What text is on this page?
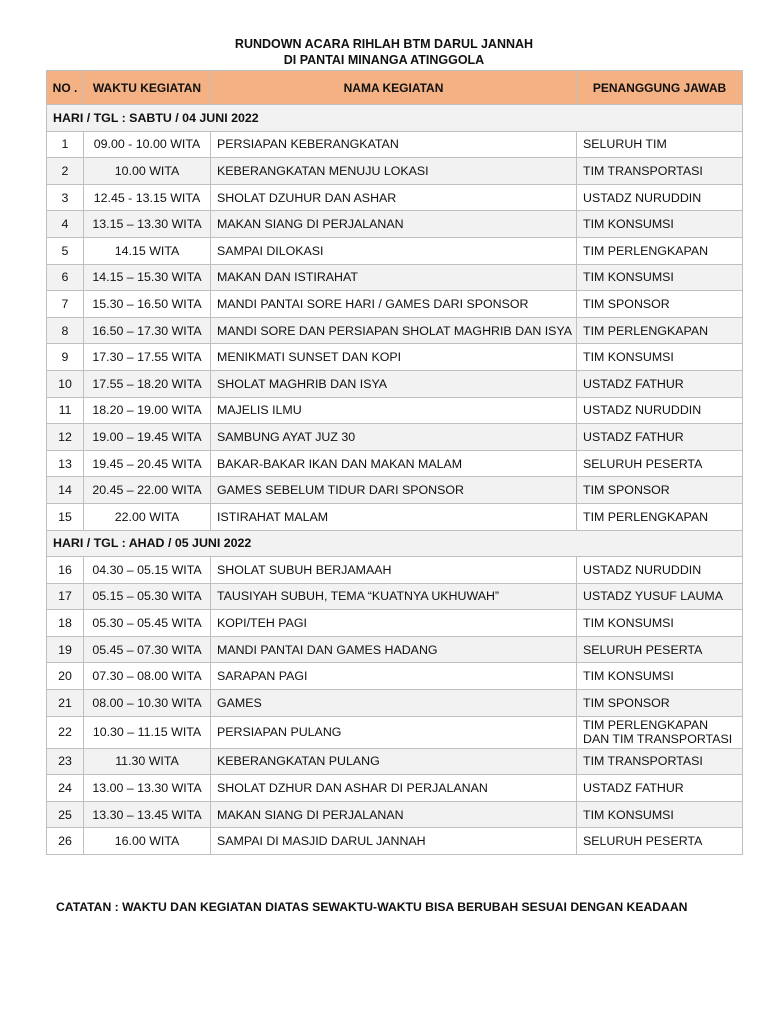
RUNDOWN ACARA RIHLAH BTM DARUL JANNAH
DI PANTAI MINANGA ATINGGOLA
NO .	WAKTU KEGIATAN	NAMA KEGIATAN	PENANGGUNG JAWAB
HARI / TGL : SABTU / 04 JUNI 2022			
1	09.00 - 10.00 WITA	PERSIAPAN KEBERANGKATAN	SELURUH TIM
2	10.00 WITA	KEBERANGKATAN MENUJU LOKASI	TIM TRANSPORTASI
3	12.45 - 13.15 WITA	SHOLAT DZUHUR DAN ASHAR	USTADZ NURUDDIN
4	13.15 – 13.30 WITA	MAKAN SIANG DI PERJALANAN	TIM KONSUMSI
5	14.15 WITA	SAMPAI DILOKASI	TIM PERLENGKAPAN
6	14.15 – 15.30 WITA	MAKAN DAN ISTIRAHAT	TIM KONSUMSI
7	15.30 – 16.50 WITA	MANDI PANTAI SORE HARI / GAMES DARI SPONSOR	TIM SPONSOR
8	16.50 – 17.30 WITA	MANDI SORE DAN PERSIAPAN SHOLAT MAGHRIB DAN ISYA	TIM PERLENGKAPAN
9	17.30 – 17.55 WITA	MENIKMATI SUNSET DAN KOPI	TIM KONSUMSI
10	17.55 – 18.20 WITA	SHOLAT MAGHRIB DAN ISYA	USTADZ FATHUR
11	18.20 – 19.00 WITA	MAJELIS ILMU	USTADZ NURUDDIN
12	19.00 – 19.45 WITA	SAMBUNG AYAT JUZ 30	USTADZ FATHUR
13	19.45 – 20.45 WITA	BAKAR-BAKAR IKAN DAN MAKAN MALAM	SELURUH PESERTA
14	20.45 – 22.00 WITA	GAMES SEBELUM TIDUR DARI SPONSOR	TIM SPONSOR
15	22.00 WITA	ISTIRAHAT MALAM	TIM PERLENGKAPAN
HARI / TGL : AHAD / 05 JUNI 2022			
16	04.30 – 05.15 WITA	SHOLAT SUBUH BERJAMAAH	USTADZ NURUDDIN
17	05.15 – 05.30 WITA	TAUSIYAH SUBUH, TEMA “KUATNYA UKHUWAH”	USTADZ YUSUF LAUMA
18	05.30 – 05.45 WITA	KOPI/TEH PAGI	TIM KONSUMSI
19	05.45 – 07.30 WITA	MANDI PANTAI DAN GAMES HADANG	SELURUH PESERTA
20	07.30 – 08.00 WITA	SARAPAN PAGI	TIM KONSUMSI
21	08.00 – 10.30 WITA	GAMES	TIM SPONSOR
22	10.30 – 11.15 WITA	PERSIAPAN PULANG	TIM PERLENGKAPAN DAN TIM TRANSPORTASI
23	11.30 WITA	KEBERANGKATAN PULANG	TIM TRANSPORTASI
24	13.00 – 13.30 WITA	SHOLAT DZHUR DAN ASHAR DI PERJALANAN	USTADZ FATHUR
25	13.30 – 13.45 WITA	MAKAN SIANG DI PERJALANAN	TIM KONSUMSI
26	16.00 WITA	SAMPAI DI MASJID DARUL JANNAH	SELURUH PESERTA
CATATAN : WAKTU DAN KEGIATAN DIATAS SEWAKTU-WAKTU BISA BERUBAH SESUAI DENGAN KEADAAN
